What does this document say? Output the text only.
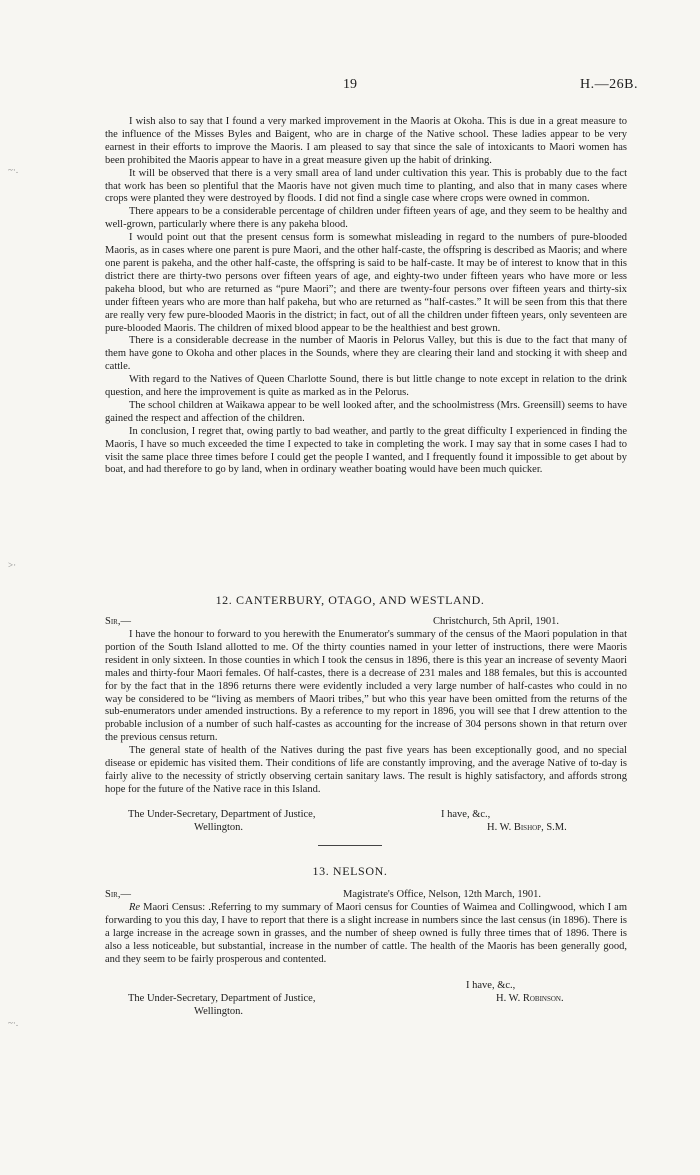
19	H.—26B.

I wish also to say that I found a very marked improvement in the Maoris at Okoha. This is due in a great measure to the influence of the Misses Byles and Baigent, who are in charge of the Native school. These ladies appear to be very earnest in their efforts to improve the Maoris. I am pleased to say that since the sale of intoxicants to Maori women has been prohibited the Maoris appear to have in a great measure given up the habit of drinking.

It will be observed that there is a very small area of land under cultivation this year. This is probably due to the fact that work has been so plentiful that the Maoris have not given much time to planting, and also that in many cases where crops were planted they were destroyed by floods. I did not find a single case where crops were owned in common.

There appears to be a considerable percentage of children under fifteen years of age, and they seem to be healthy and well-grown, particularly where there is any pakeha blood.

I would point out that the present census form is somewhat misleading in regard to the numbers of pure-blooded Maoris, as in cases where one parent is pure Maori, and the other half-caste, the offspring is described as Maoris; and where one parent is pakeha, and the other half-caste, the offspring is said to be half-caste. It may be of interest to know that in this district there are thirty-two persons over fifteen years of age, and eighty-two under fifteen years who have more or less pakeha blood, but who are returned as “pure Maori”; and there are twenty-four persons over fifteen years and thirty-six under fifteen years who are more than half pakeha, but who are returned as “half-castes.” It will be seen from this that there are really very few pure-blooded Maoris in the district; in fact, out of all the children under fifteen years, only seventeen are pure-blooded Maoris. The children of mixed blood appear to be the healthiest and best grown.

There is a considerable decrease in the number of Maoris in Pelorus Valley, but this is due to the fact that many of them have gone to Okoha and other places in the Sounds, where they are clearing their land and stocking it with sheep and cattle.

With regard to the Natives of Queen Charlotte Sound, there is but little change to note except in relation to the drink question, and here the improvement is quite as marked as in the Pelorus.

The school children at Waikawa appear to be well looked after, and the schoolmistress (Mrs. Greensill) seems to have gained the respect and affection of the children.

In conclusion, I regret that, owing partly to bad weather, and partly to the great difficulty I experienced in finding the Maoris, I have so much exceeded the time I expected to take in completing the work. I may say that in some cases I had to visit the same place three times before I could get the people I wanted, and I frequently found it impossible to get about by boat, and had therefore to go by land, when in ordinary weather boating would have been much quicker.

12. CANTERBURY, OTAGO, AND WESTLAND.
Sir,—	Christchurch, 5th April, 1901.

I have the honour to forward to you herewith the Enumerator's summary of the census of the Maori population in that portion of the South Island allotted to me. Of the thirty counties named in your letter of instructions, there were Maoris resident in only sixteen. In those counties in which I took the census in 1896, there is this year an increase of seventy Maori males and thirty-four Maori females. Of half-castes, there is a decrease of 231 males and 188 females, but this is accounted for by the fact that in the 1896 returns there were evidently included a very large number of half-castes who could in no way be considered to be “living as members of Maori tribes,” but who this year have been omitted from the returns of the sub-enumerators under amended instructions. By a reference to my report in 1896, you will see that I drew attention to the probable inclusion of a number of such half-castes as accounting for the increase of 304 persons shown in that return over the previous census return.

The general state of health of the Natives during the past five years has been exceptionally good, and no special disease or epidemic has visited them. Their conditions of life are constantly improving, and the average Native of to-day is fairly alive to the necessity of strictly observing certain sanitary laws. The result is highly satisfactory, and affords strong hope for the future of the Native race in this Island.

The Under-Secretary, Department of Justice,
Wellington.
I have, &c.,
H. W. Bishop, S.M.
13. NELSON.
Sir,—	Magistrate's Office, Nelson, 12th March, 1901.

Re Maori Census: .Referring to my summary of Maori census for Counties of Waimea and Collingwood, which I am forwarding to you this day, I have to report that there is a slight increase in numbers since the last census (in 1896). There is a large increase in the acreage sown in grasses, and the number of sheep owned is fully three times that of 1896. There is also a less noticeable, but substantial, increase in the number of cattle. The health of the Maoris has been generally good, and they seem to be fairly prosperous and contented.

I have, &c.,
The Under-Secretary, Department of Justice,
Wellington.
H. W. Robinson.
~·.
>·
~·.
